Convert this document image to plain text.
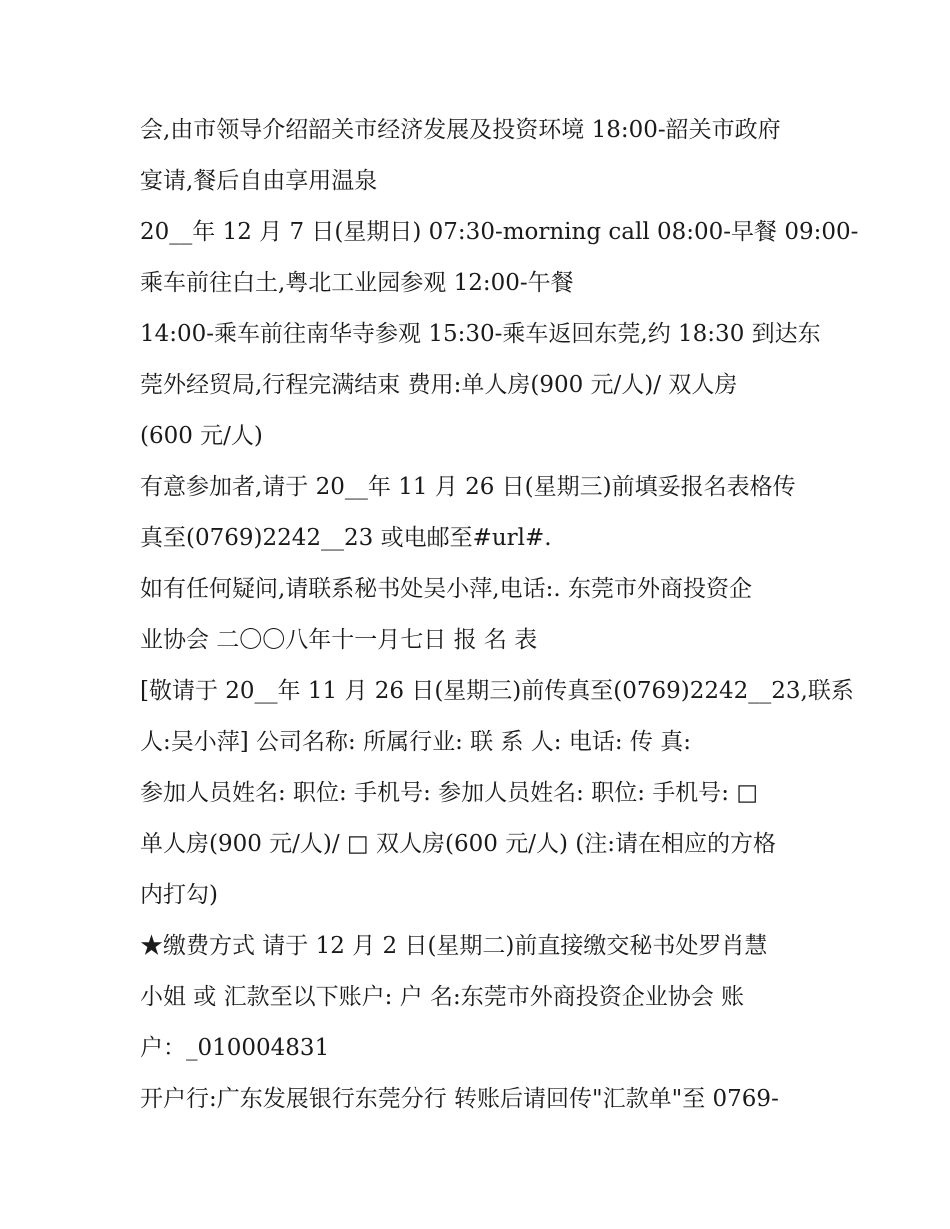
会,由市领导介绍韶关市经济发展及投资环境 18:00-韶关市政府
宴请,餐后自由享用温泉
20__年 12 月 7 日(星期日) 07:30-morning call 08:00-早餐 09:00-
乘车前往白土,粤北工业园参观 12:00-午餐
14:00-乘车前往南华寺参观 15:30-乘车返回东莞,约 18:30 到达东
莞外经贸局,行程完满结束 费用:单人房(900 元/人)/ 双人房
(600 元/人)
有意参加者,请于 20__年 11 月 26 日(星期三)前填妥报名表格传
真至(0769)2242__23 或电邮至#url#.
如有任何疑问,请联系秘书处吴小萍,电话:. 东莞市外商投资企
业协会 二〇〇八年十一月七日 报 名 表
[敬请于 20__年 11 月 26 日(星期三)前传真至(0769)2242__23,联系
人:吴小萍] 公司名称: 所属行业: 联 系 人: 电话: 传 真:
参加人员姓名: 职位: 手机号: 参加人员姓名: 职位: 手机号: □
单人房(900 元/人)/ □ 双人房(600 元/人) (注:请在相应的方格
内打勾)
★缴费方式 请于 12 月 2 日(星期二)前直接缴交秘书处罗肖慧
小姐 或 汇款至以下账户: 户 名:东莞市外商投资企业协会 账
户：_010004831
开户行:广东发展银行东莞分行 转账后请回传"汇款单"至 0769-
